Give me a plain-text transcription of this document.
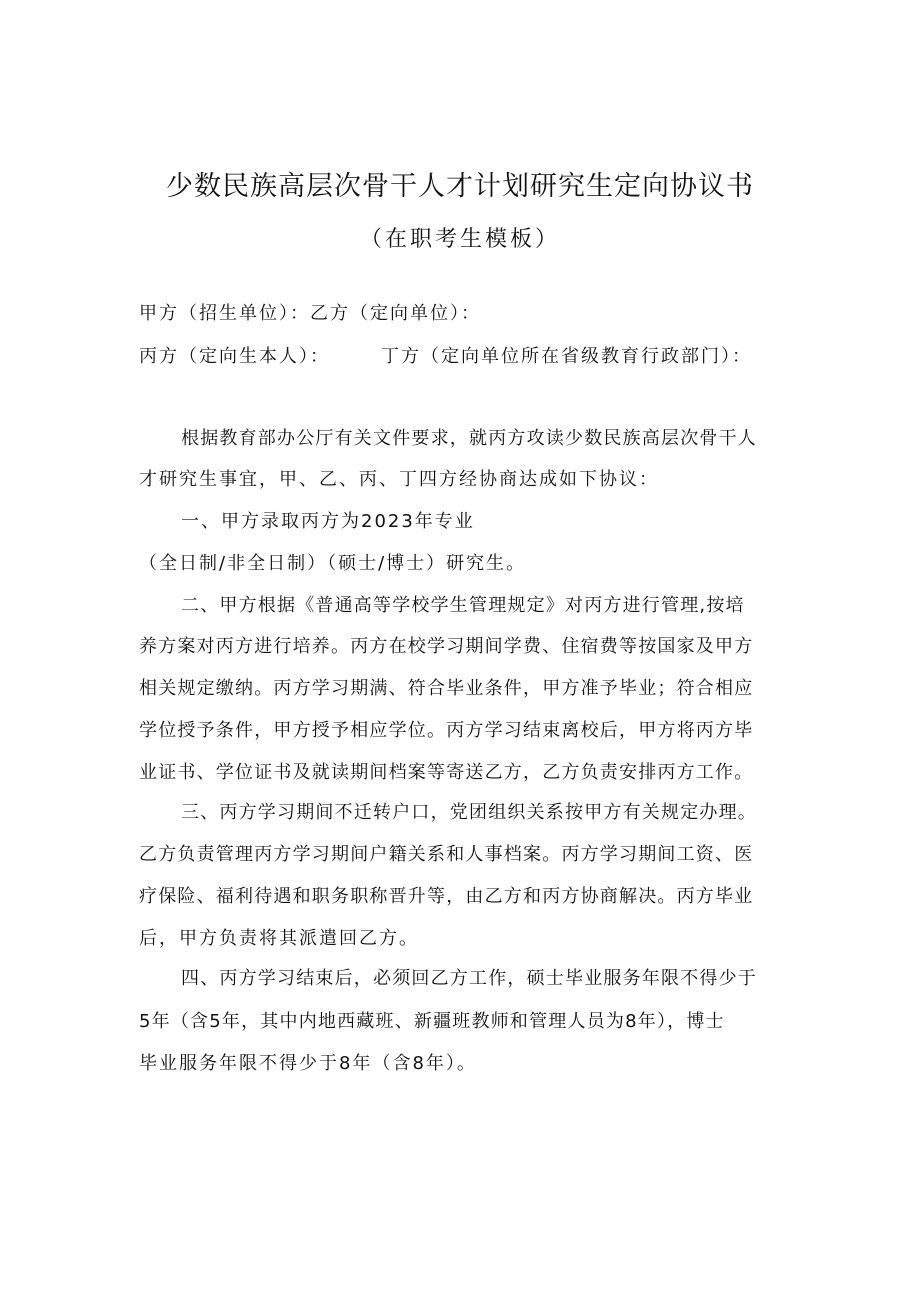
少数民族高层次骨干人才计划研究生定向协议书
（在职考生模板）
甲方（招生单位）：乙方（定向单位）：
丙方（定向生本人）：	丁方（定向单位所在省级教育行政部门）：
根据教育部办公厅有关文件要求，就丙方攻读少数民族高层次骨干人
才研究生事宜，甲、乙、丙、丁四方经协商达成如下协议：
一、甲方录取丙方为2023年专业
（全日制/非全日制）（硕士/博士）研究生。
二、甲方根据《普通高等学校学生管理规定》对丙方进行管理,按培
养方案对丙方进行培养。丙方在校学习期间学费、住宿费等按国家及甲方
相关规定缴纳。丙方学习期满、符合毕业条件，甲方准予毕业；符合相应
学位授予条件，甲方授予相应学位。丙方学习结束离校后，甲方将丙方毕
业证书、学位证书及就读期间档案等寄送乙方，乙方负责安排丙方工作。
三、丙方学习期间不迁转户口，党团组织关系按甲方有关规定办理。
乙方负责管理丙方学习期间户籍关系和人事档案。丙方学习期间工资、医
疗保险、福利待遇和职务职称晋升等，由乙方和丙方协商解决。丙方毕业
后，甲方负责将其派遣回乙方。
四、丙方学习结束后，必须回乙方工作，硕士毕业服务年限不得少于
5年（含5年，其中内地西藏班、新疆班教师和管理人员为8年），博士
毕业服务年限不得少于8年（含8年）。
